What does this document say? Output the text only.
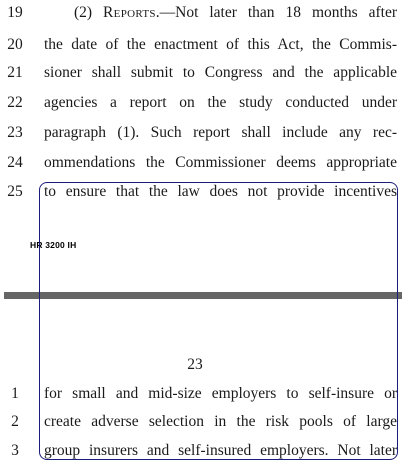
19	(2) Reports.—Not later than 18 months after
20 the date of the enactment of this Act, the Commis-
21 sioner shall submit to Congress and the applicable
22 agencies a report on the study conducted under
23 paragraph (1). Such report shall include any rec-
24 ommendations the Commissioner deems appropriate
25 to ensure that the law does not provide incentives
HR 3200 IH
23
1	for small and mid-size employers to self-insure or
2	create adverse selection in the risk pools of large
3	group insurers and self-insured employers. Not later
